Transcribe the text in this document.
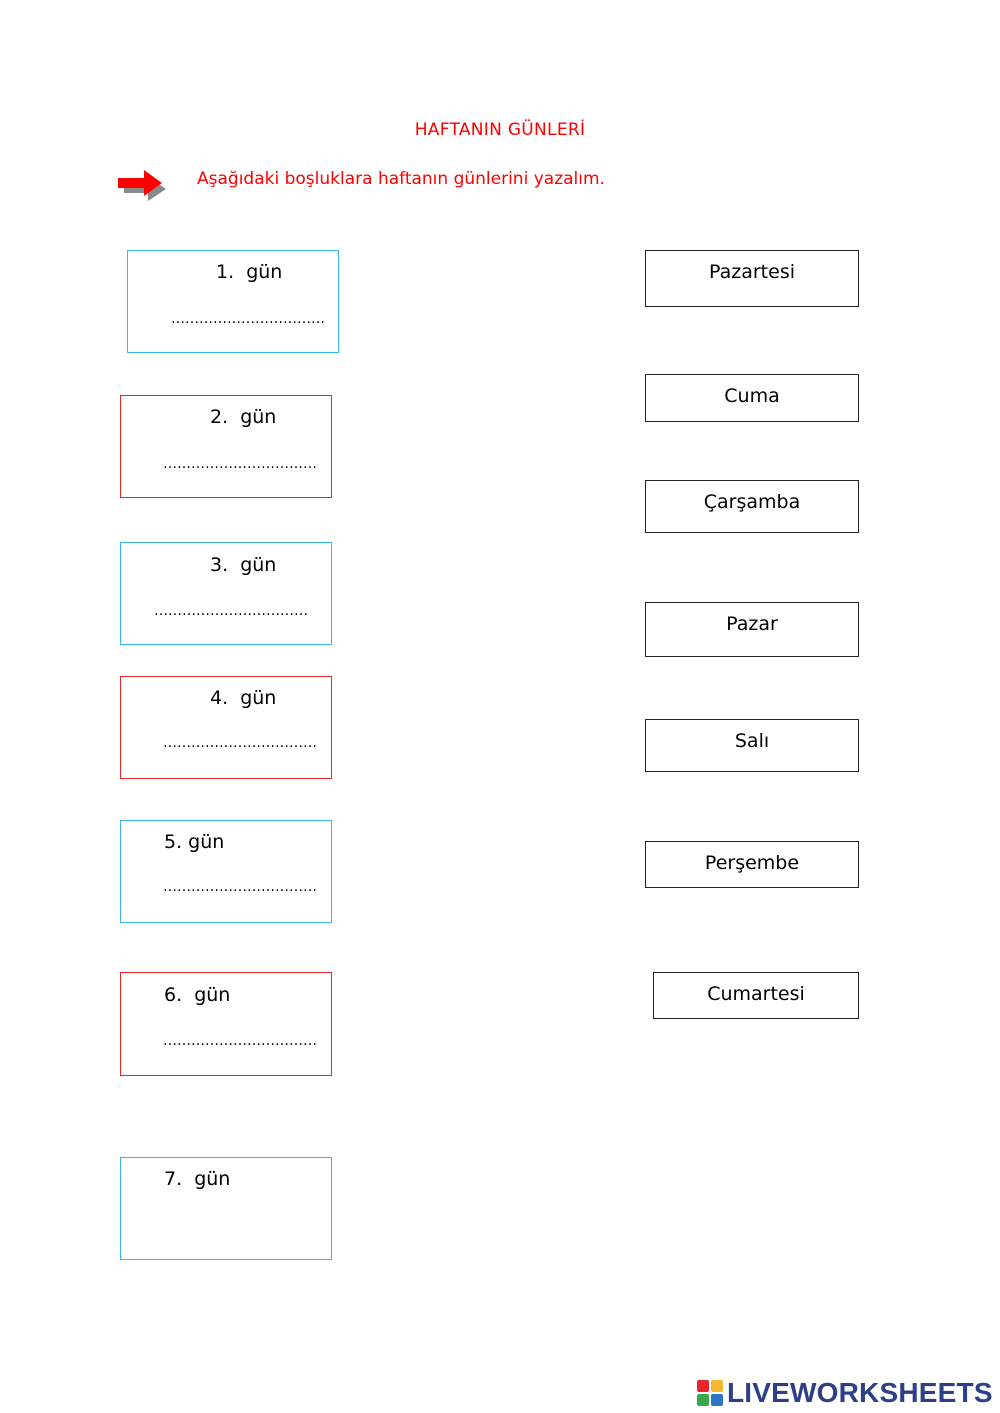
HAFTANIN GÜNLERİ
Aşağıdaki boşluklara haftanın günlerini yazalım.
1.  gün
……………………………
2.  gün
……………………………
3.  gün
……………………………
4.  gün
……………………………
5. gün
……………………………
6.  gün
……………………………
7.  gün
Pazartesi
Cuma
Çarşamba
Pazar
Salı
Perşembe
Cumartesi
LIVEWORKSHEETS
